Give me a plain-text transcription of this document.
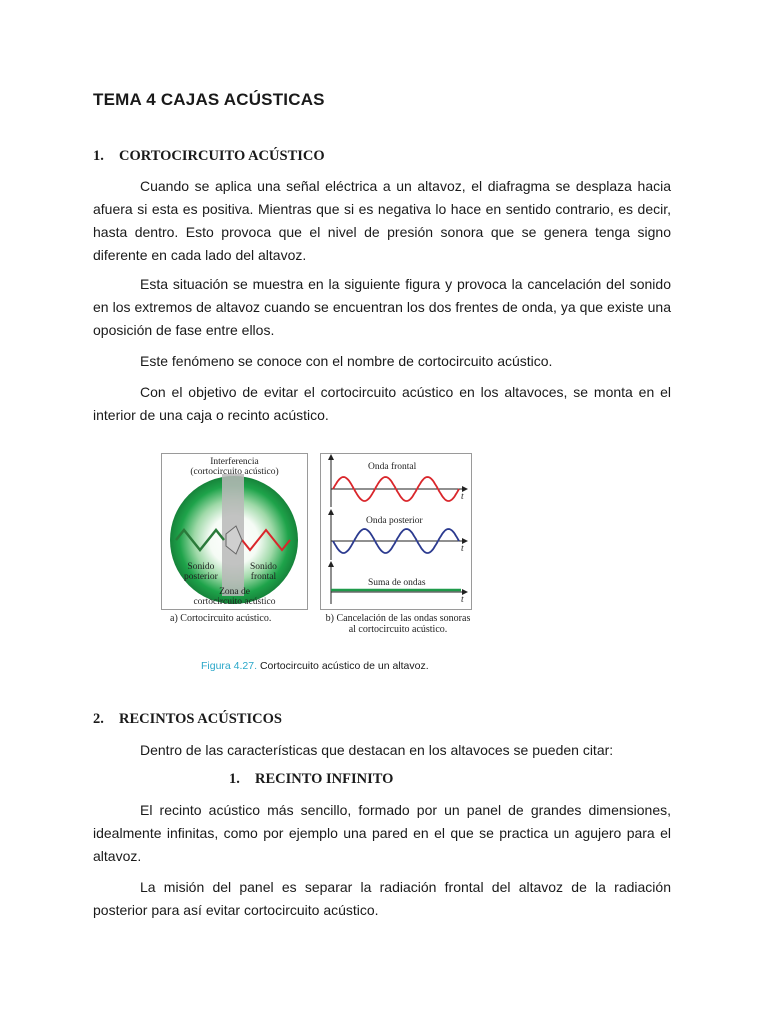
TEMA 4 CAJAS ACÚSTICAS
1. CORTOCIRCUITO ACÚSTICO

Cuando se aplica una señal eléctrica a un altavoz, el diafragma se desplaza hacia afuera si esta es positiva. Mientras que si es negativa lo hace en sentido contrario, es decir, hasta dentro. Esto provoca que el nivel de presión sonora que se genera tenga signo diferente en cada lado del altavoz.

Esta situación se muestra en la siguiente figura y provoca la cancelación del sonido en los extremos de altavoz cuando se encuentran los dos frentes de onda, ya que existe una oposición de fase entre ellos.

Este fenómeno se conoce con el nombre de cortocircuito acústico.

Con el objetivo de evitar el cortocircuito acústico en los altavoces, se monta en el interior de una caja o recinto acústico.

Interferencia
(cortocircuito acústico)
Sonido
posterior
Sonido
frontal
Zona de
cortocircuito acústico
a) Cortocircuito acústico.
Onda frontal
t
Onda posterior
t
Suma de ondas
t
b) Cancelación de las ondas sonoras
al cortocircuito acústico.

Figura 4.27. Cortocircuito acústico de un altavoz.

2. RECINTOS ACÚSTICOS

Dentro de las características que destacan en los altavoces se pueden citar:

1. RECINTO INFINITO

El recinto acústico más sencillo, formado por un panel de grandes dimensiones, idealmente infinitas, como por ejemplo una pared en el que se practica un agujero para el altavoz.

La misión del panel es separar la radiación frontal del altavoz de la radiación posterior para así evitar cortocircuito acústico.
